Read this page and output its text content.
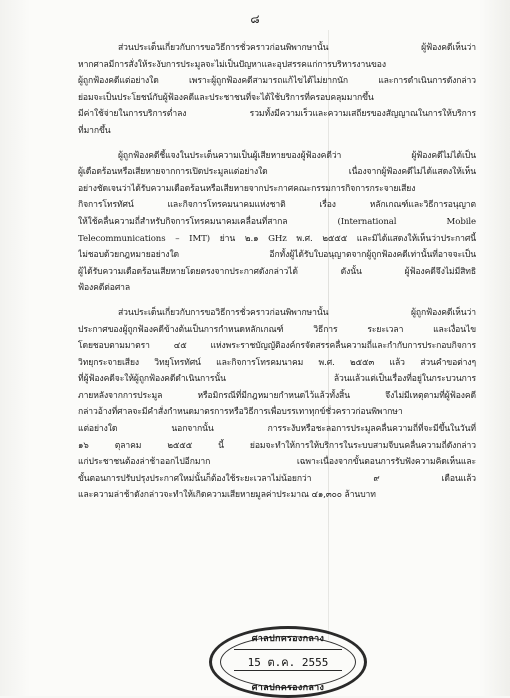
๘
ส่วนประเด็นเกี่ยวกับการขอวิธีการชั่วคราวก่อนพิพากษานั้น ผู้ฟ้องคดีเห็นว่า
หากศาลมีการสั่งให้ระงับการประมูลจะไม่เป็นปัญหาและอุปสรรคแก่การบริหารงานของ
ผู้ถูกฟ้องคดีแต่อย่างใด เพราะผู้ถูกฟ้องคดีสามารถแก้ไขได้ไม่ยากนัก และการดำเนินการดังกล่าว
ย่อมจะเป็นประโยชน์กับผู้ฟ้องคดีและประชาชนที่จะได้ใช้บริการที่ครอบคลุมมากขึ้น
มีค่าใช้จ่ายในการบริการต่ำลง รวมทั้งมีความเร็วและความเสถียรของสัญญาณในการให้บริการ
ที่มากขึ้น
ผู้ถูกฟ้องคดีชี้แจงในประเด็นความเป็นผู้เสียหายของผู้ฟ้องคดีว่า ผู้ฟ้องคดีไม่ได้เป็น
ผู้เดือดร้อนหรือเสียหายจากการเปิดประมูลแต่อย่างใด เนื่องจากผู้ฟ้องคดีไม่ได้แสดงให้เห็น
อย่างชัดเจนว่าได้รับความเดือดร้อนหรือเสียหายจากประกาศคณะกรรมการกิจการกระจายเสียง
กิจการโทรทัศน์ และกิจการโทรคมนาคมแห่งชาติ เรื่อง หลักเกณฑ์และวิธีการอนุญาต
ให้ใช้คลื่นความถี่สำหรับกิจการโทรคมนาคมเคลื่อนที่สากล (International Mobile
Telecommunications – IMT) ย่าน ๒.๑ GHz พ.ศ. ๒๕๕๕ และมิได้แสดงให้เห็นว่าประกาศนี้
ไม่ชอบด้วยกฎหมายอย่างใด อีกทั้งผู้ได้รับใบอนุญาตจากผู้ถูกฟ้องคดีเท่านั้นที่อาจจะเป็น
ผู้ได้รับความเดือดร้อนเสียหายโดยตรงจากประกาศดังกล่าวได้ ดังนั้น ผู้ฟ้องคดีจึงไม่มีสิทธิ
ฟ้องคดีต่อศาล
ส่วนประเด็นเกี่ยวกับการขอวิธีการชั่วคราวก่อนพิพากษานั้น ผู้ถูกฟ้องคดีเห็นว่า
ประกาศของผู้ถูกฟ้องคดีข้างต้นเป็นการกำหนดหลักเกณฑ์ วิธีการ ระยะเวลา และเงื่อนไข
โดยชอบตามมาตรา ๔๕ แห่งพระราชบัญญัติองค์กรจัดสรรคลื่นความถี่และกำกับการประกอบกิจการ
วิทยุกระจายเสียง วิทยุโทรทัศน์ และกิจการโทรคมนาคม พ.ศ. ๒๕๕๓ แล้ว ส่วนคำขอต่างๆ
ที่ผู้ฟ้องคดีจะให้ผู้ถูกฟ้องคดีดำเนินการนั้น ล้วนแล้วแต่เป็นเรื่องที่อยู่ในกระบวนการ
ภายหลังจากการประมูล หรือมิกรณีที่มีกฎหมายกำหนดไว้แล้วทั้งสิ้น จึงไม่มีเหตุตามที่ผู้ฟ้องคดี
กล่าวอ้างที่ศาลจะมีคำสั่งกำหนดมาตรการหรือวิธีการเพื่อบรรเทาทุกข์ชั่วคราวก่อนพิพากษา
แต่อย่างใด นอกจากนั้น การระงับหรือชะลอการประมูลคลื่นความถี่ที่จะมีขึ้นในวันที่
๑๖ ตุลาคม ๒๕๕๕ นี้ ย่อมจะทำให้การให้บริการในระบบสามจีบนคลื่นความถี่ดังกล่าว
แก่ประชาชนต้องล่าช้าออกไปอีกมาก เฉพาะเนื่องจากขั้นตอนการรับฟังความคิดเห็นและ
ขั้นตอนการปรับปรุงประกาศใหม่นั้นก็ต้องใช้ระยะเวลาไม่น้อยกว่า ๙ เดือนแล้ว
และความล่าช้าดังกล่าวจะทำให้เกิดความเสียหายมูลค่าประมาณ ๔๑,๓๐๐ ล้านบาท
ศาลปกครองกลาง
15 ต.ค. 2555
ศาลปกครองกลาง
